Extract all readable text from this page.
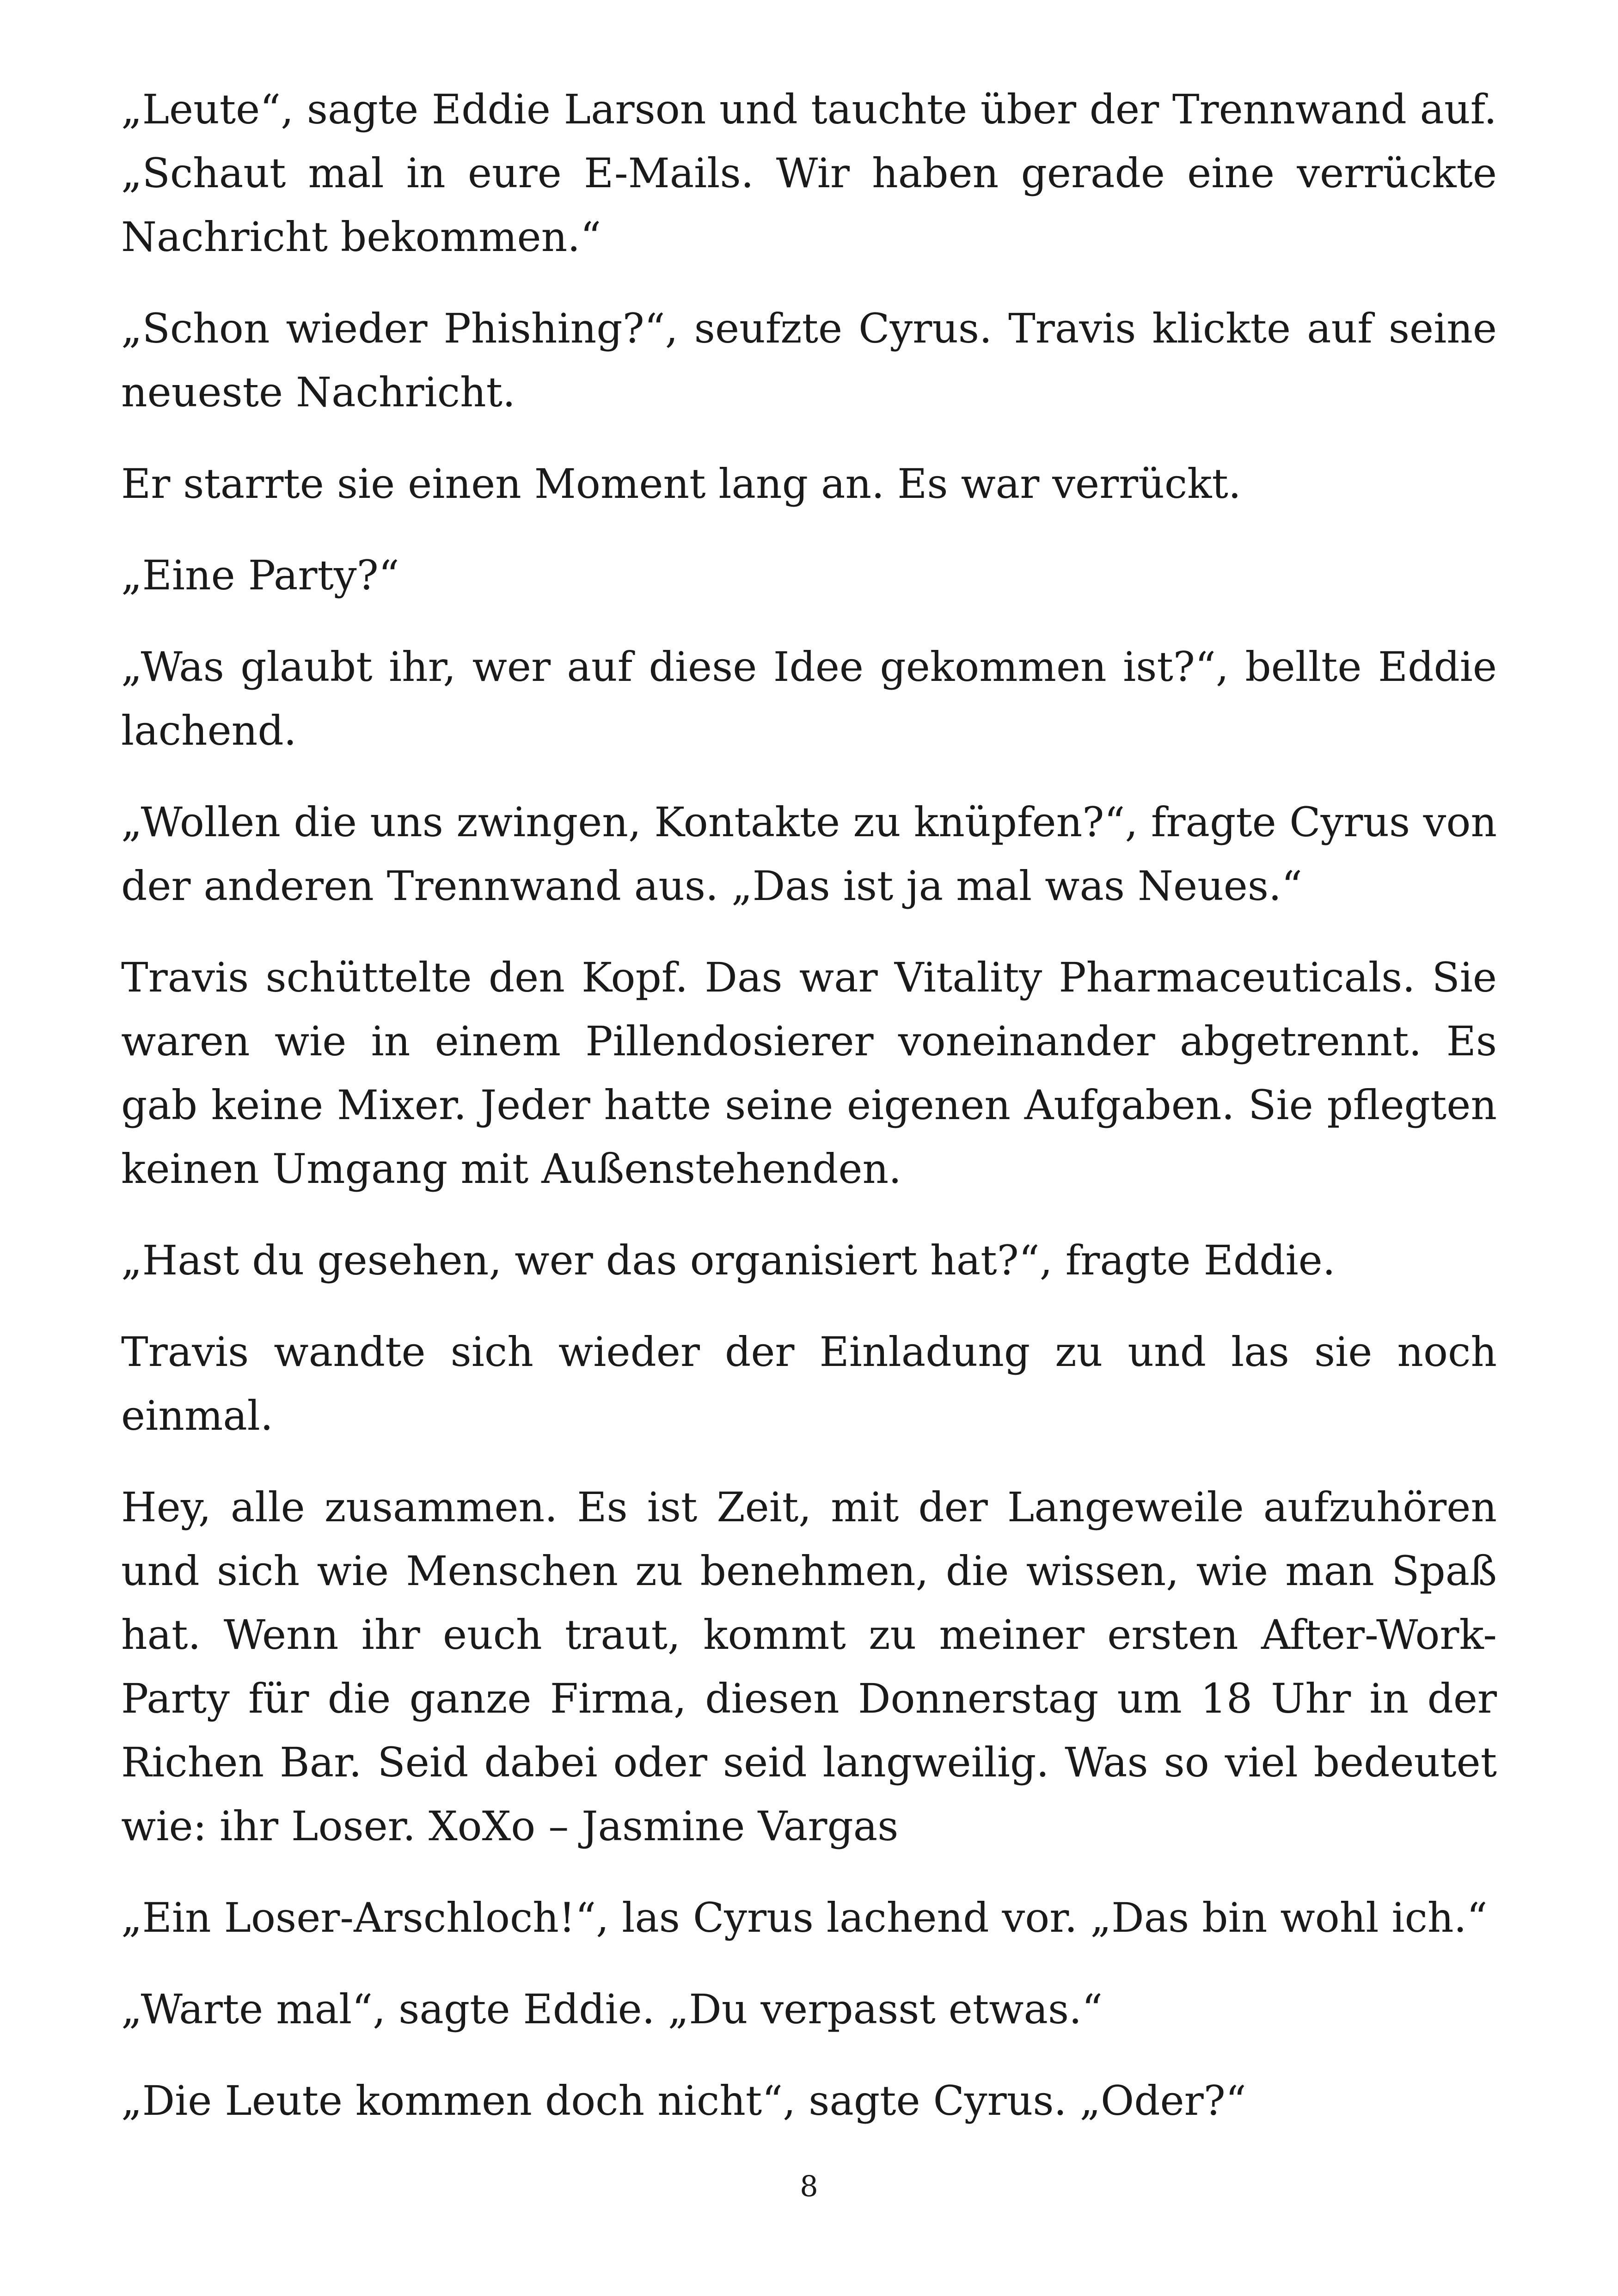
„Leute“, sagte Eddie Larson und tauchte über der Trennwand auf. „Schaut mal in eure E-Mails. Wir haben gerade eine verrückte Nachricht bekommen.“

„Schon wieder Phishing?“, seufzte Cyrus. Travis klickte auf seine neueste Nachricht.

Er starrte sie einen Moment lang an. Es war verrückt.

„Eine Party?“

„Was glaubt ihr, wer auf diese Idee gekommen ist?“, bellte Eddie lachend.

„Wollen die uns zwingen, Kontakte zu knüpfen?“, fragte Cyrus von der anderen Trennwand aus. „Das ist ja mal was Neues.“

Travis schüttelte den Kopf. Das war Vitality Pharmaceuticals. Sie waren wie in einem Pillendosierer voneinander abgetrennt. Es gab keine Mixer. Jeder hatte seine eigenen Aufgaben. Sie pflegten keinen Umgang mit Außenstehenden.

„Hast du gesehen, wer das organisiert hat?“, fragte Eddie.

Travis wandte sich wieder der Einladung zu und las sie noch einmal.

Hey, alle zusammen. Es ist Zeit, mit der Langeweile aufzuhören und sich wie Menschen zu benehmen, die wissen, wie man Spaß hat. Wenn ihr euch traut, kommt zu meiner ersten After-Work-Party für die ganze Firma, diesen Donnerstag um 18 Uhr in der Richen Bar. Seid dabei oder seid langweilig. Was so viel bedeutet wie: ihr Loser. XoXo – Jasmine Vargas

„Ein Loser-Arschloch!“, las Cyrus lachend vor. „Das bin wohl ich.“

„Warte mal“, sagte Eddie. „Du verpasst etwas.“

„Die Leute kommen doch nicht“, sagte Cyrus. „Oder?“

8
